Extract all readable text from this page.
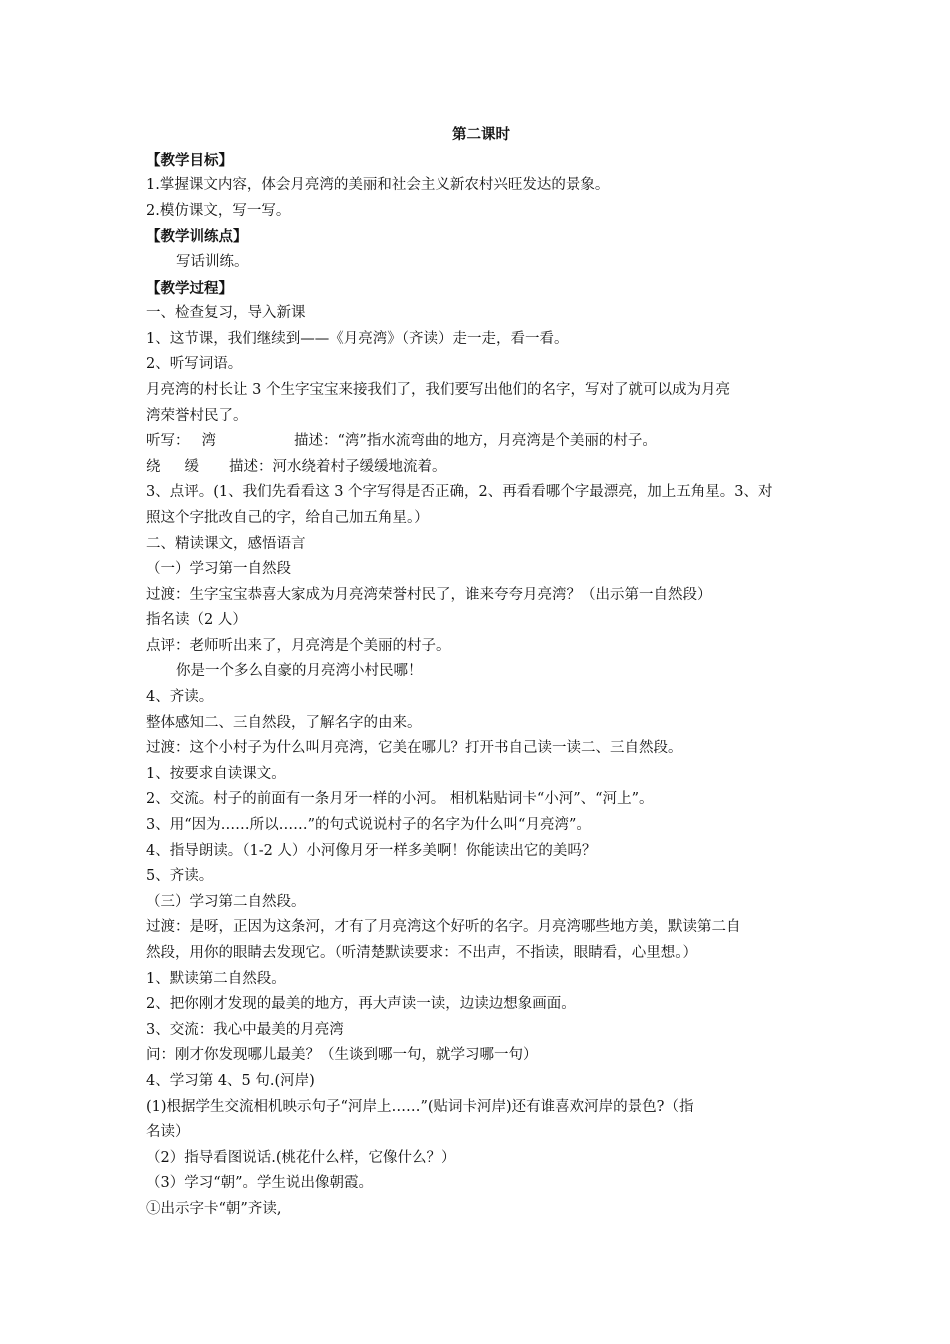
第二课时
【教学目标】
1.掌握课文内容，体会月亮湾的美丽和社会主义新农村兴旺发达的景象。
2.模仿课文，写一写。
【教学训练点】
写话训练。
【教学过程】
一、检查复习，导入新课
1、这节课，我们继续到——《月亮湾》（齐读）走一走，看一看。
2、听写词语。
月亮湾的村长让 3 个生字宝宝来接我们了，我们要写出他们的名字，写对了就可以成为月亮
湾荣誉村民了。
听写： 湾	描述：“湾”指水流弯曲的地方，月亮湾是个美丽的村子。
绕 缓 描述：河水绕着村子缓缓地流着。
3、点评。(1、我们先看看这 3 个字写得是否正确，2、再看看哪个字最漂亮，加上五角星。3、对
照这个字批改自己的字，给自己加五角星。）
二、精读课文，感悟语言
（一）学习第一自然段
过渡：生字宝宝恭喜大家成为月亮湾荣誉村民了，谁来夸夸月亮湾？（出示第一自然段）
指名读（2 人）
点评：老师听出来了，月亮湾是个美丽的村子。
你是一个多么自豪的月亮湾小村民哪！
4、齐读。
整体感知二、三自然段，了解名字的由来。
过渡：这个小村子为什么叫月亮湾，它美在哪儿？打开书自己读一读二、三自然段。
1、按要求自读课文。
2、交流。村子的前面有一条月牙一样的小河。 相机粘贴词卡“小河”、“河上”。
3、用“因为……所以……”的句式说说村子的名字为什么叫“月亮湾”。
4、指导朗读。（1-2 人）小河像月牙一样多美啊！你能读出它的美吗？
5、齐读。
（三）学习第二自然段。
过渡：是呀，正因为这条河，才有了月亮湾这个好听的名字。月亮湾哪些地方美，默读第二自
然段，用你的眼睛去发现它。（听清楚默读要求：不出声，不指读，眼睛看，心里想。）
1、默读第二自然段。
2、把你刚才发现的最美的地方，再大声读一读，边读边想象画面。
3、交流：我心中最美的月亮湾
问：刚才你发现哪儿最美？（生谈到哪一句，就学习哪一句）
4、学习第 4、5 句.(河岸)
(1)根据学生交流相机映示句子“河岸上……”(贴词卡河岸)还有谁喜欢河岸的景色?（指
名读）
（2）指导看图说话.(桃花什么样，它像什么？）
（3）学习“朝”。学生说出像朝霞。
①出示字卡“朝”齐读,
